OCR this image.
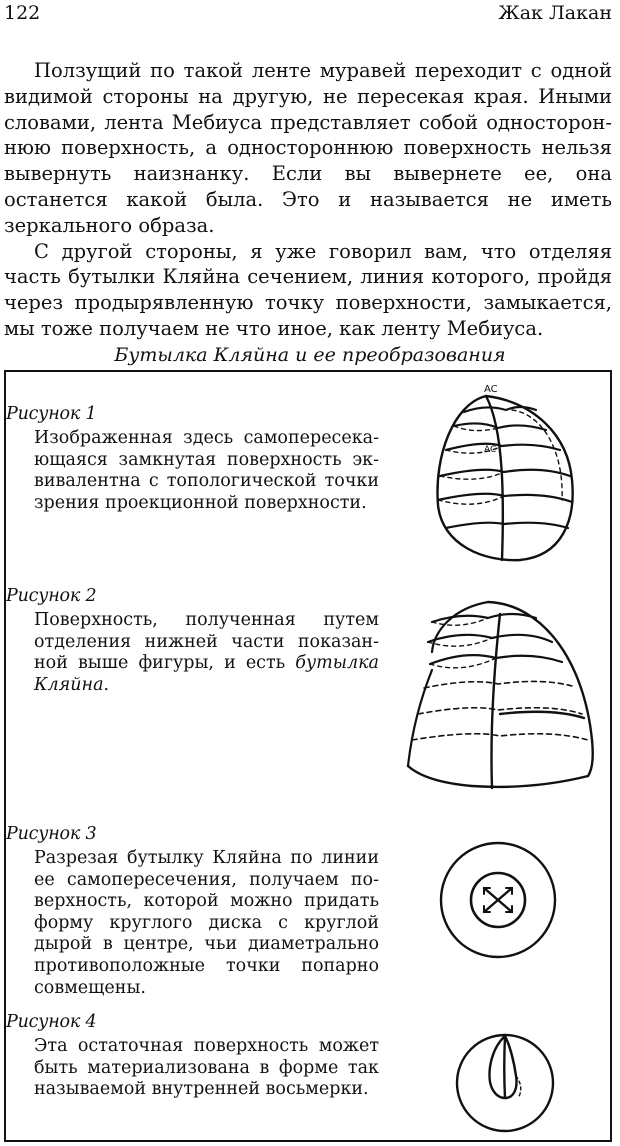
122	Жак Лакан

Ползущий по такой ленте муравей переходит с одной видимой стороны на другую, не пересекая края. Иными словами, лента Мебиуса представляет собой односторон-нюю поверхность, а одностороннюю поверхность нельзя вывернуть наизнанку. Если вы вывернете ее, она останется какой была. Это и называется не иметь зеркального образа.

С другой стороны, я уже говорил вам, что отделяя часть бутылки Кляйна сечением, линия которого, пройдя через продырявленную точку поверхности, замыкается, мы тоже получаем не что иное, как ленту Мебиуса.

Бутылка Кляйна и ее преобразования
Рисунок 1
Изображенная здесь самопересека-ющаяся замкнутая поверхность эк-вивалентна с топологической точки зрения проекционной поверхности.
AC
AC
Рисунок 2
Поверхность, полученная путем отделения нижней части показан-ной выше фигуры, и есть бутылка Кляйна.
Рисунок 3
Разрезая бутылку Кляйна по линии ее самопересечения, получаем по-верхность, которой можно придать форму круглого диска с круглой дырой в центре, чьи диаметрально противоположные точки попарно совмещены.
Рисунок 4
Эта остаточная поверхность может быть материализована в форме так называемой внутренней восьмерки.
